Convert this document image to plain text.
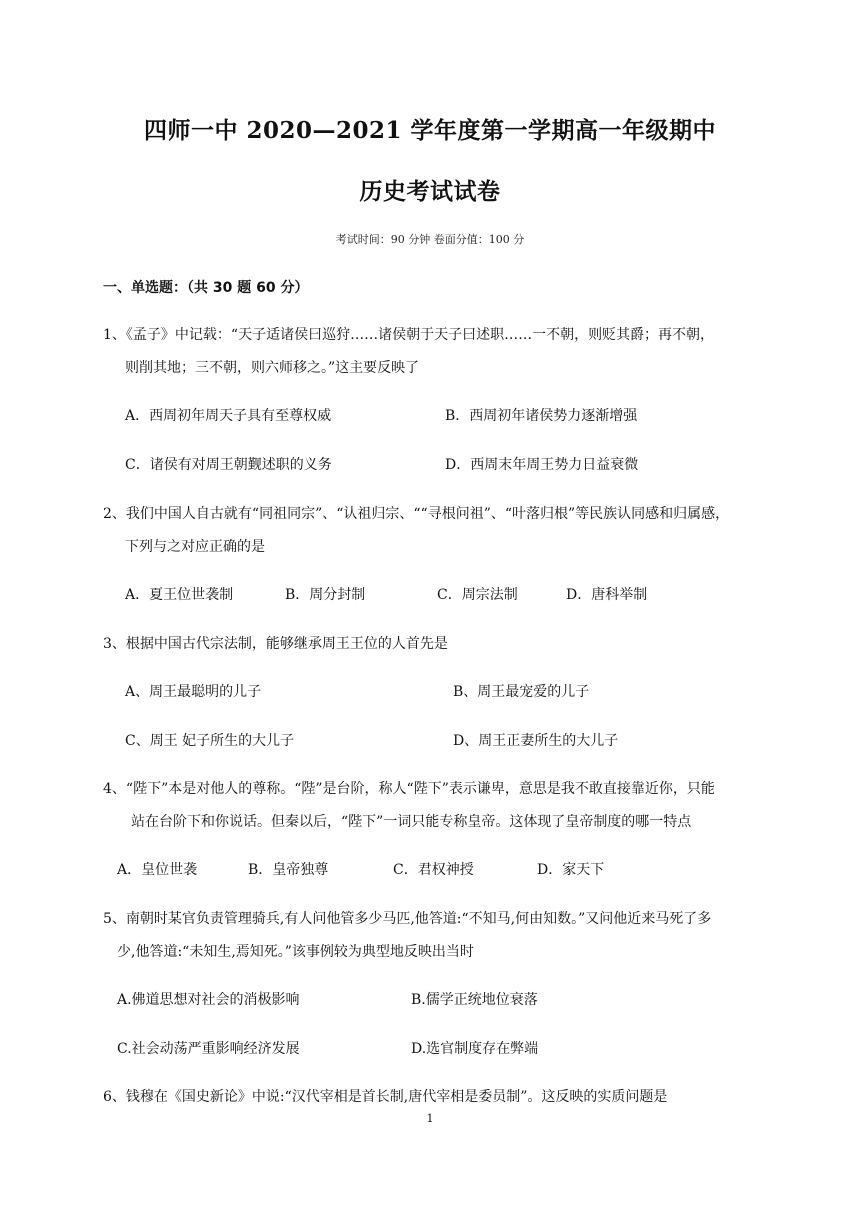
四师一中 2020—2021 学年度第一学期高一年级期中
历史考试试卷
考试时间：90 分钟 卷面分值：100 分
一、单选题：（共 30 题 60 分）
1、《孟子》中记载：“天子适诸侯曰巡狩……诸侯朝于天子曰述职……一不朝，则贬其爵；再不朝，
则削其地；三不朝，则六师移之。”这主要反映了
A．西周初年周天子具有至尊权威	B．西周初年诸侯势力逐渐增强
C．诸侯有对周王朝觐述职的义务	D．西周末年周王势力日益衰微
2、我们中国人自古就有“同祖同宗”、“认祖归宗、““寻根问祖”、“叶落归根”等民族认同感和归属感，
下列与之对应正确的是
A．夏王位世袭制	B．周分封制	C．周宗法制	D．唐科举制
3、根据中国古代宗法制，能够继承周王王位的人首先是
A、周王最聪明的儿子	B、周王最宠爱的儿子
C、周王 妃子所生的大儿子	D、周王正妻所生的大儿子
4、“陛下”本是对他人的尊称。“陛”是台阶，称人“陛下”表示谦卑，意思是我不敢直接靠近你，只能
站在台阶下和你说话。但秦以后，“陛下”一词只能专称皇帝。这体现了皇帝制度的哪一特点
A．皇位世袭	B．皇帝独尊	C．君权神授	D．家天下
5、南朝时某官负责管理骑兵,有人问他管多少马匹,他答道:“不知马,何由知数。”又问他近来马死了多
少,他答道:“未知生,焉知死。”该事例较为典型地反映出当时
A.佛道思想对社会的消极影响	B.儒学正统地位衰落
C.社会动荡严重影响经济发展	D.选官制度存在弊端
6、钱穆在《国史新论》中说:“汉代宰相是首长制,唐代宰相是委员制”。这反映的实质问题是
1
